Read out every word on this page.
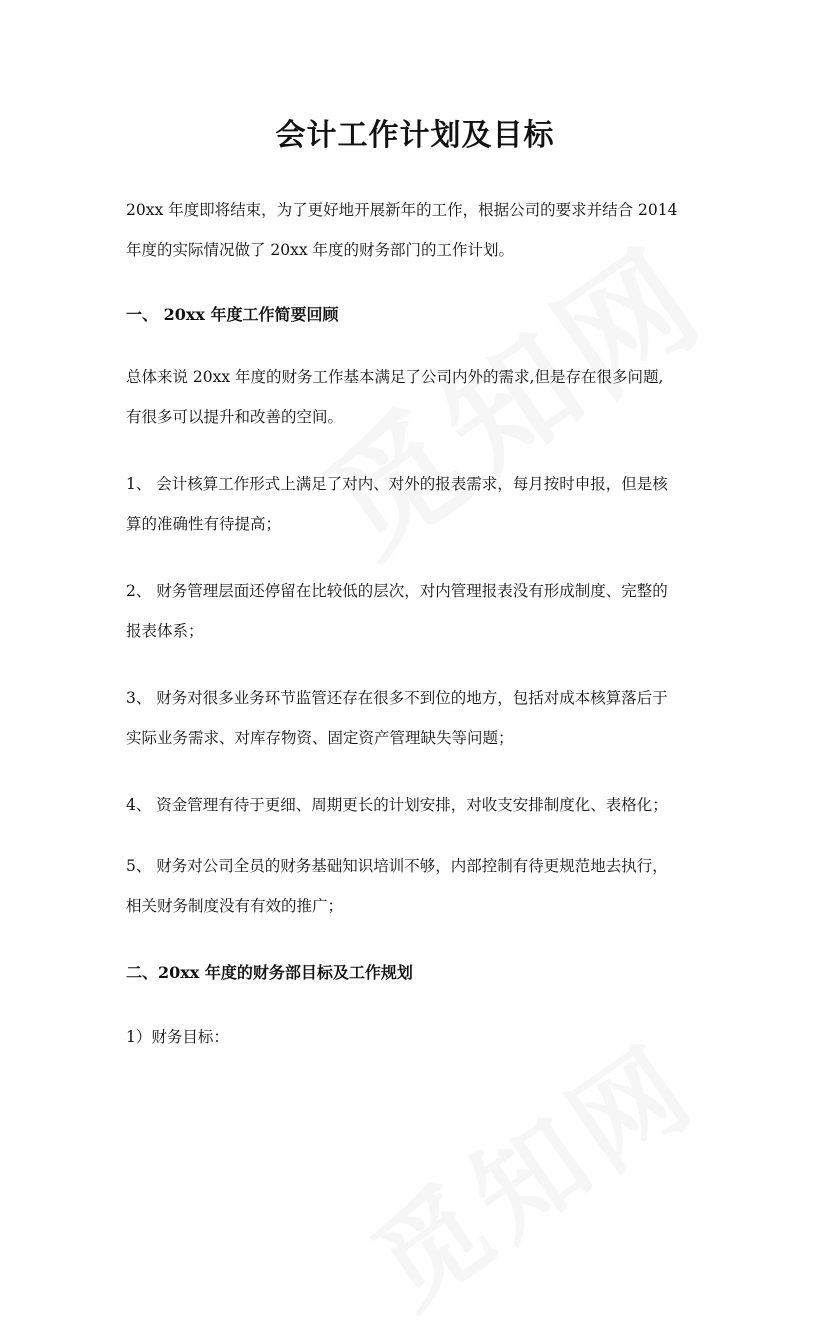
会计工作计划及目标

20xx 年度即将结束，为了更好地开展新年的工作，根据公司的要求并结合 2014

年度的实际情况做了 20xx 年度的财务部门的工作计划。

一、 20xx 年度工作简要回顾

总体来说 20xx 年度的财务工作基本满足了公司内外的需求,但是存在很多问题,

有很多可以提升和改善的空间。

1、 会计核算工作形式上满足了对内、对外的报表需求，每月按时申报，但是核

算的准确性有待提高；

2、 财务管理层面还停留在比较低的层次，对内管理报表没有形成制度、完整的

报表体系；

3、 财务对很多业务环节监管还存在很多不到位的地方，包括对成本核算落后于

实际业务需求、对库存物资、固定资产管理缺失等问题；

4、 资金管理有待于更细、周期更长的计划安排，对收支安排制度化、表格化；

5、 财务对公司全员的财务基础知识培训不够，内部控制有待更规范地去执行，

相关财务制度没有有效的推广；

二、20xx 年度的财务部目标及工作规划

1）财务目标：
